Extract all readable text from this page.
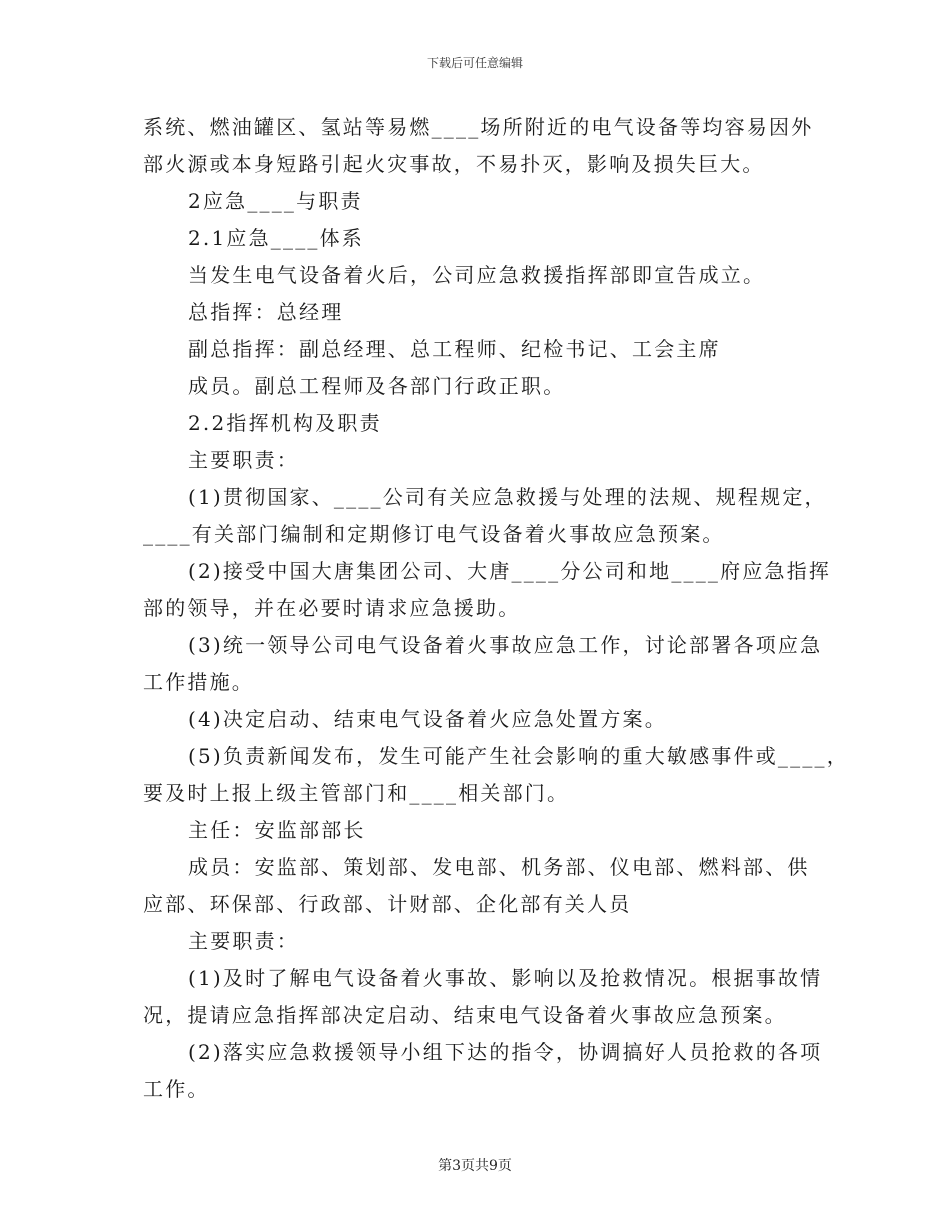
下载后可任意编辑
系统、燃油罐区、氢站等易燃____场所附近的电气设备等均容易因外
部火源或本身短路引起火灾事故，不易扑灭，影响及损失巨大。
2应急____与职责
2.1应急____体系
当发生电气设备着火后，公司应急救援指挥部即宣告成立。
总指挥：总经理
副总指挥：副总经理、总工程师、纪检书记、工会主席
成员。副总工程师及各部门行政正职。
2.2指挥机构及职责
主要职责：
(1)贯彻国家、____公司有关应急救援与处理的法规、规程规定，
____有关部门编制和定期修订电气设备着火事故应急预案。
(2)接受中国大唐集团公司、大唐____分公司和地____府应急指挥
部的领导，并在必要时请求应急援助。
(3)统一领导公司电气设备着火事故应急工作，讨论部署各项应急
工作措施。
(4)决定启动、结束电气设备着火应急处置方案。
(5)负责新闻发布，发生可能产生社会影响的重大敏感事件或____，
要及时上报上级主管部门和____相关部门。
主任：安监部部长
成员：安监部、策划部、发电部、机务部、仪电部、燃料部、供
应部、环保部、行政部、计财部、企化部有关人员
主要职责：
(1)及时了解电气设备着火事故、影响以及抢救情况。根据事故情
况，提请应急指挥部决定启动、结束电气设备着火事故应急预案。
(2)落实应急救援领导小组下达的指令，协调搞好人员抢救的各项
工作。
第3页共9页
